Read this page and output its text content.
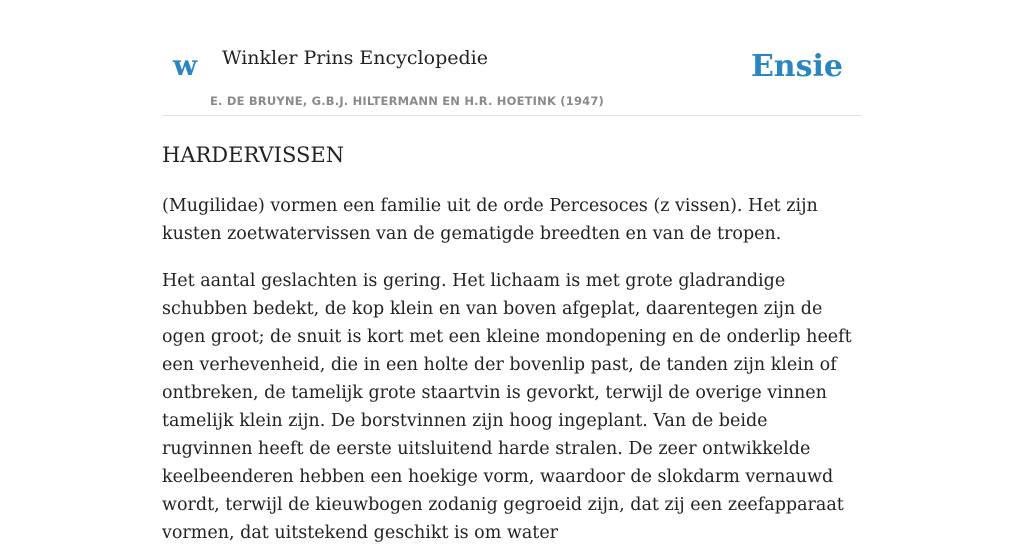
w Winkler Prins Encyclopedie
E. DE BRUYNE, G.B.J. HILTERMANN EN H.R. HOETINK (1947)
Ensie
HARDERVISSEN

(Mugilidae) vormen een familie uit de orde Percesoces (z vissen). Het zijn kusten zoetwatervissen van de gematigde breedten en van de tropen.

Het aantal geslachten is gering. Het lichaam is met grote gladrandige schubben bedekt, de kop klein en van boven afgeplat, daarentegen zijn de ogen groot; de snuit is kort met een kleine mondopening en de onderlip heeft een verhevenheid, die in een holte der bovenlip past, de tanden zijn klein of ontbreken, de tamelijk grote staartvin is gevorkt, terwijl de overige vinnen tamelijk klein zijn. De borstvinnen zijn hoog ingeplant. Van de beide rugvinnen heeft de eerste uitsluitend harde stralen. De zeer ontwikkelde keelbeenderen hebben een hoekige vorm, waardoor de slokdarm vernauwd wordt, terwijl de kieuwbogen zodanig gegroeid zijn, dat zij een zeefapparaat vormen, dat uitstekend geschikt is om water
